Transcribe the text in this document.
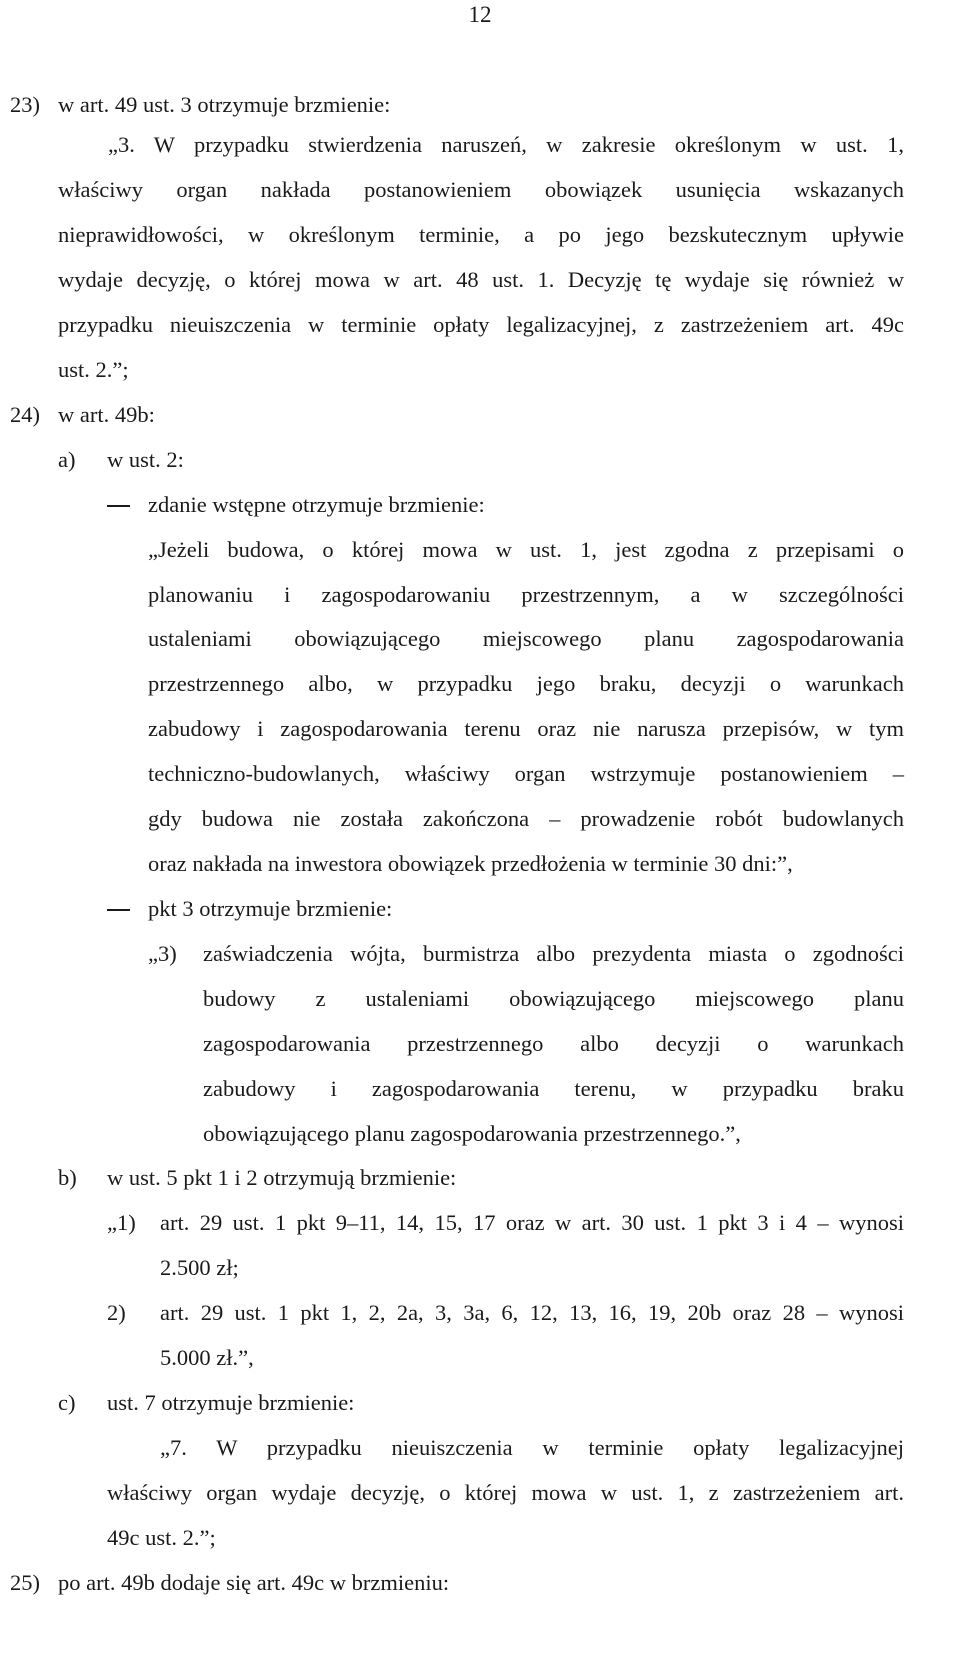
12
23) w art. 49 ust. 3 otrzymuje brzmienie:
„3. W przypadku stwierdzenia naruszeń, w zakresie określonym w ust. 1,
właściwy organ nakłada postanowieniem obowiązek usunięcia wskazanych
nieprawidłowości, w określonym terminie, a po jego bezskutecznym upływie
wydaje decyzję, o której mowa w art. 48 ust. 1. Decyzję tę wydaje się również w
przypadku nieuiszczenia w terminie opłaty legalizacyjnej, z zastrzeżeniem art. 49c
ust. 2.”;
24) w art. 49b:
a) w ust. 2:
zdanie wstępne otrzymuje brzmienie:
„Jeżeli budowa, o której mowa w ust. 1, jest zgodna z przepisami o
planowaniu i zagospodarowaniu przestrzennym, a w szczególności
ustaleniami obowiązującego miejscowego planu zagospodarowania
przestrzennego albo, w przypadku jego braku, decyzji o warunkach
zabudowy i zagospodarowania terenu oraz nie narusza przepisów, w tym
techniczno-budowlanych, właściwy organ wstrzymuje postanowieniem –
gdy budowa nie została zakończona – prowadzenie robót budowlanych
oraz nakłada na inwestora obowiązek przedłożenia w terminie 30 dni:”,
pkt 3 otrzymuje brzmienie:
„3) zaświadczenia wójta, burmistrza albo prezydenta miasta o zgodności
budowy z ustaleniami obowiązującego miejscowego planu
zagospodarowania przestrzennego albo decyzji o warunkach
zabudowy i zagospodarowania terenu, w przypadku braku
obowiązującego planu zagospodarowania przestrzennego.”,
b) w ust. 5 pkt 1 i 2 otrzymują brzmienie:
„1) art. 29 ust. 1 pkt 9–11, 14, 15, 17 oraz w art. 30 ust. 1 pkt 3 i 4 – wynosi
2.500 zł;
2) art. 29 ust. 1 pkt 1, 2, 2a, 3, 3a, 6, 12, 13, 16, 19, 20b oraz 28 – wynosi
5.000 zł.”,
c) ust. 7 otrzymuje brzmienie:
„7. W przypadku nieuiszczenia w terminie opłaty legalizacyjnej
właściwy organ wydaje decyzję, o której mowa w ust. 1, z zastrzeżeniem art.
49c ust. 2.”;
25) po art. 49b dodaje się art. 49c w brzmieniu:
